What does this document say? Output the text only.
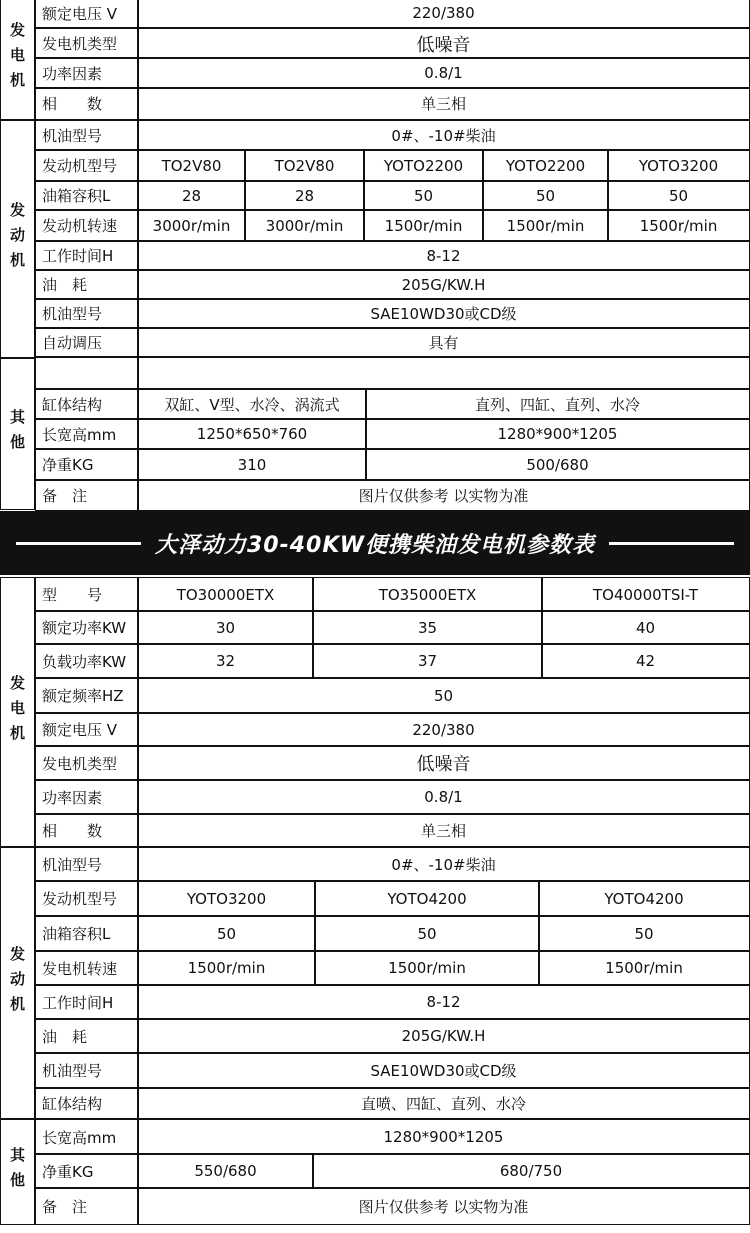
发电机
发动机
其他
额定电压 V	220/380
发电机类型	低噪音
功率因素	0.8/1
相　　数	单三相
机油型号	0#、-10#柴油
发动机型号	TO2V80	TO2V80	YOTO2200	YOTO2200	YOTO3200
油箱容积L	28	28	50	50	50
发动机转速	3000r/min	3000r/min	1500r/min	1500r/min	1500r/min
工作时间H	8-12
油　耗	205G/KW.H
机油型号	SAE10WD30或CD级
自动调压	具有
缸体结构	双缸、V型、水冷、涡流式	直列、四缸、直列、水冷
长宽高mm	1250*650*760	1280*900*1205
净重KG	310	500/680
备　注	图片仅供参考 以实物为准
大泽动力30-40KW便携柴油发电机参数表
发电机
发动机
其他
型　　号	TO30000ETX	TO35000ETX	TO40000TSI-T
额定功率KW	30	35	40
负载功率KW	32	37	42
额定频率HZ	50
额定电压 V	220/380
发电机类型	低噪音
功率因素	0.8/1
相　　数	单三相
机油型号	0#、-10#柴油
发动机型号	YOTO3200	YOTO4200	YOTO4200
油箱容积L	50	50	50
发电机转速	1500r/min	1500r/min	1500r/min
工作时间H	8-12
油　耗	205G/KW.H
机油型号	SAE10WD30或CD级
缸体结构	直喷、四缸、直列、水冷
长宽高mm	1280*900*1205
净重KG	550/680	680/750
备　注	图片仅供参考 以实物为准
